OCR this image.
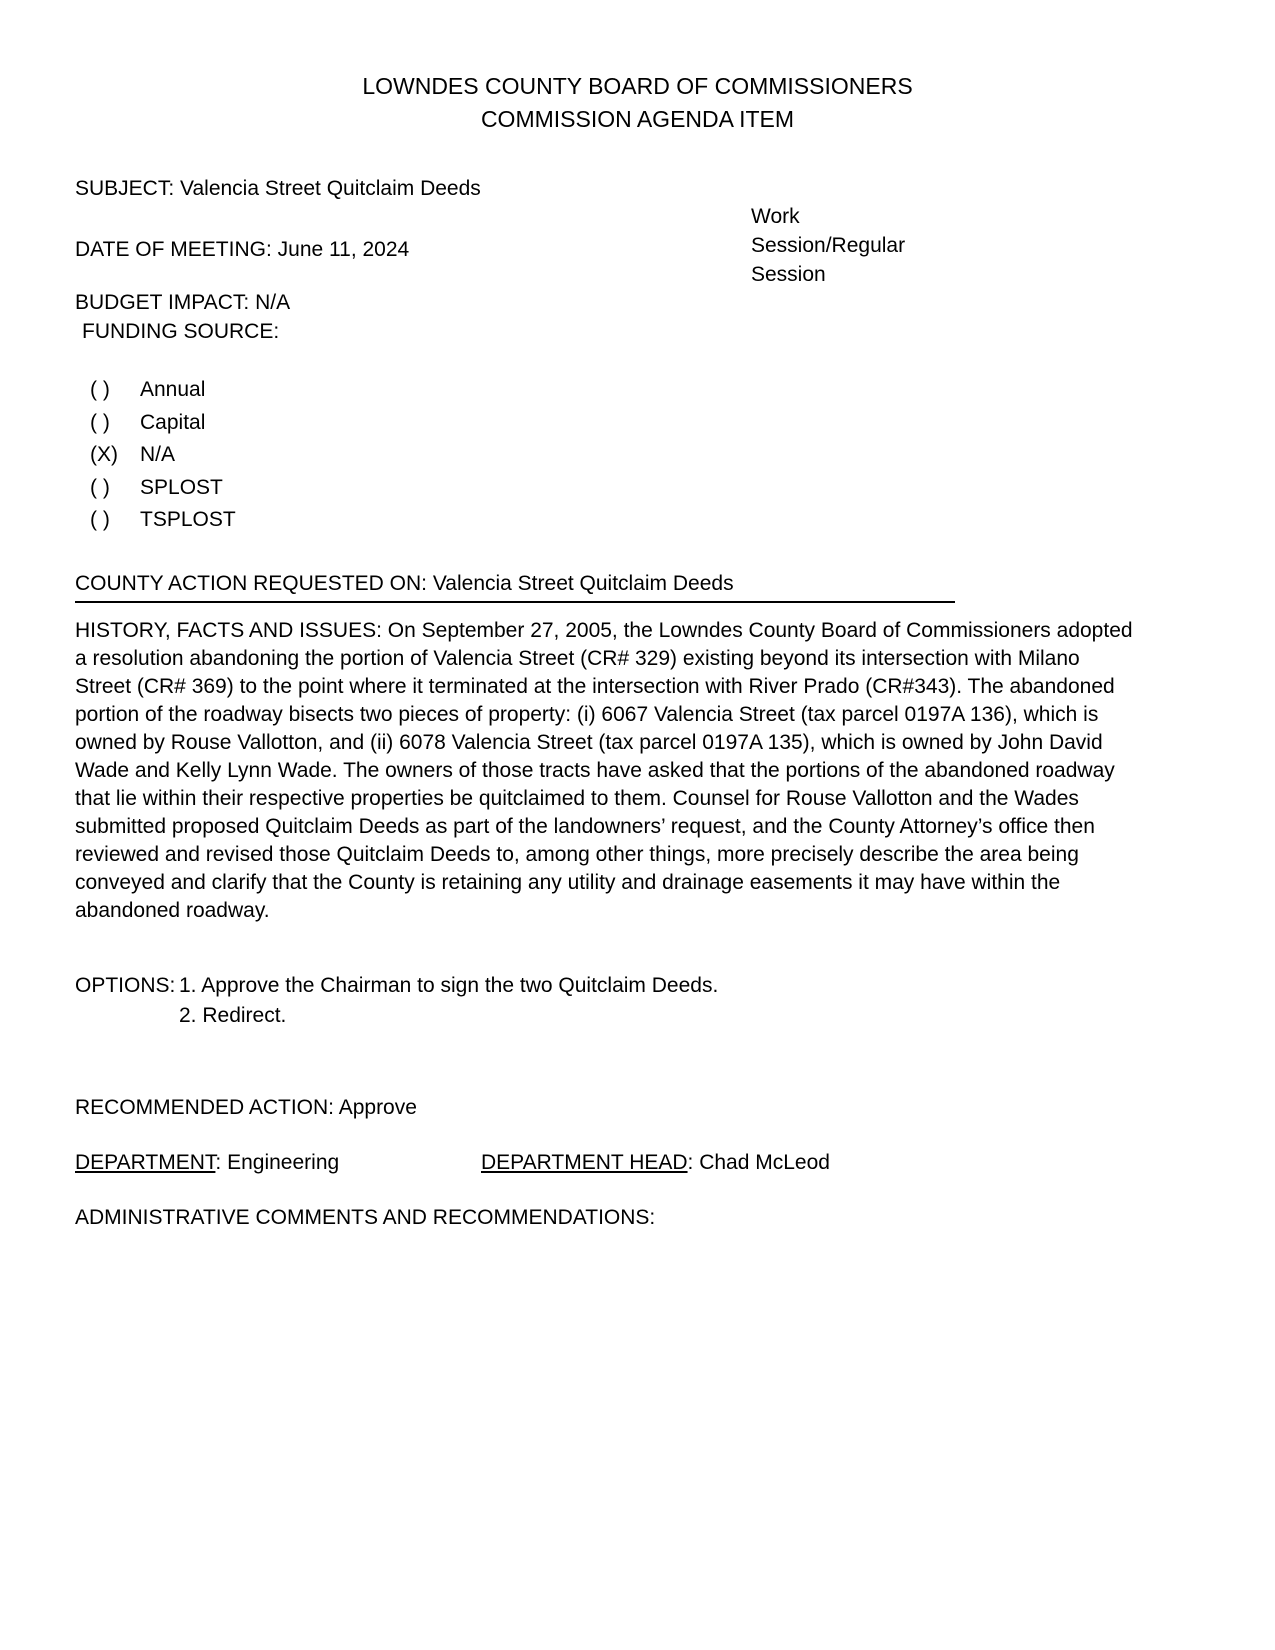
LOWNDES COUNTY BOARD OF COMMISSIONERS
COMMISSION AGENDA ITEM
Work
Session/Regular
Session
SUBJECT: Valencia Street Quitclaim Deeds
DATE OF MEETING: June 11, 2024
BUDGET IMPACT: N/A
FUNDING SOURCE:
( )	Annual
( )	Capital
(X)	N/A
( )	SPLOST
( )	TSPLOST
COUNTY ACTION REQUESTED ON: Valencia Street Quitclaim Deeds
HISTORY, FACTS AND ISSUES: On September 27, 2005, the Lowndes County Board of Commissioners adopted a resolution abandoning the portion of Valencia Street (CR# 329) existing beyond its intersection with Milano Street (CR# 369) to the point where it terminated at the intersection with River Prado (CR#343). The abandoned portion of the roadway bisects two pieces of property: (i) 6067 Valencia Street (tax parcel 0197A 136), which is owned by Rouse Vallotton, and (ii) 6078 Valencia Street (tax parcel 0197A 135), which is owned by John David Wade and Kelly Lynn Wade. The owners of those tracts have asked that the portions of the abandoned roadway that lie within their respective properties be quitclaimed to them. Counsel for Rouse Vallotton and the Wades submitted proposed Quitclaim Deeds as part of the landowners’ request, and the County Attorney’s office then reviewed and revised those Quitclaim Deeds to, among other things, more precisely describe the area being conveyed and clarify that the County is retaining any utility and drainage easements it may have within the abandoned roadway.
OPTIONS: 1. Approve the Chairman to sign the two Quitclaim Deeds.
2. Redirect.
RECOMMENDED ACTION: Approve
DEPARTMENT: Engineering	DEPARTMENT HEAD: Chad McLeod
ADMINISTRATIVE COMMENTS AND RECOMMENDATIONS:
